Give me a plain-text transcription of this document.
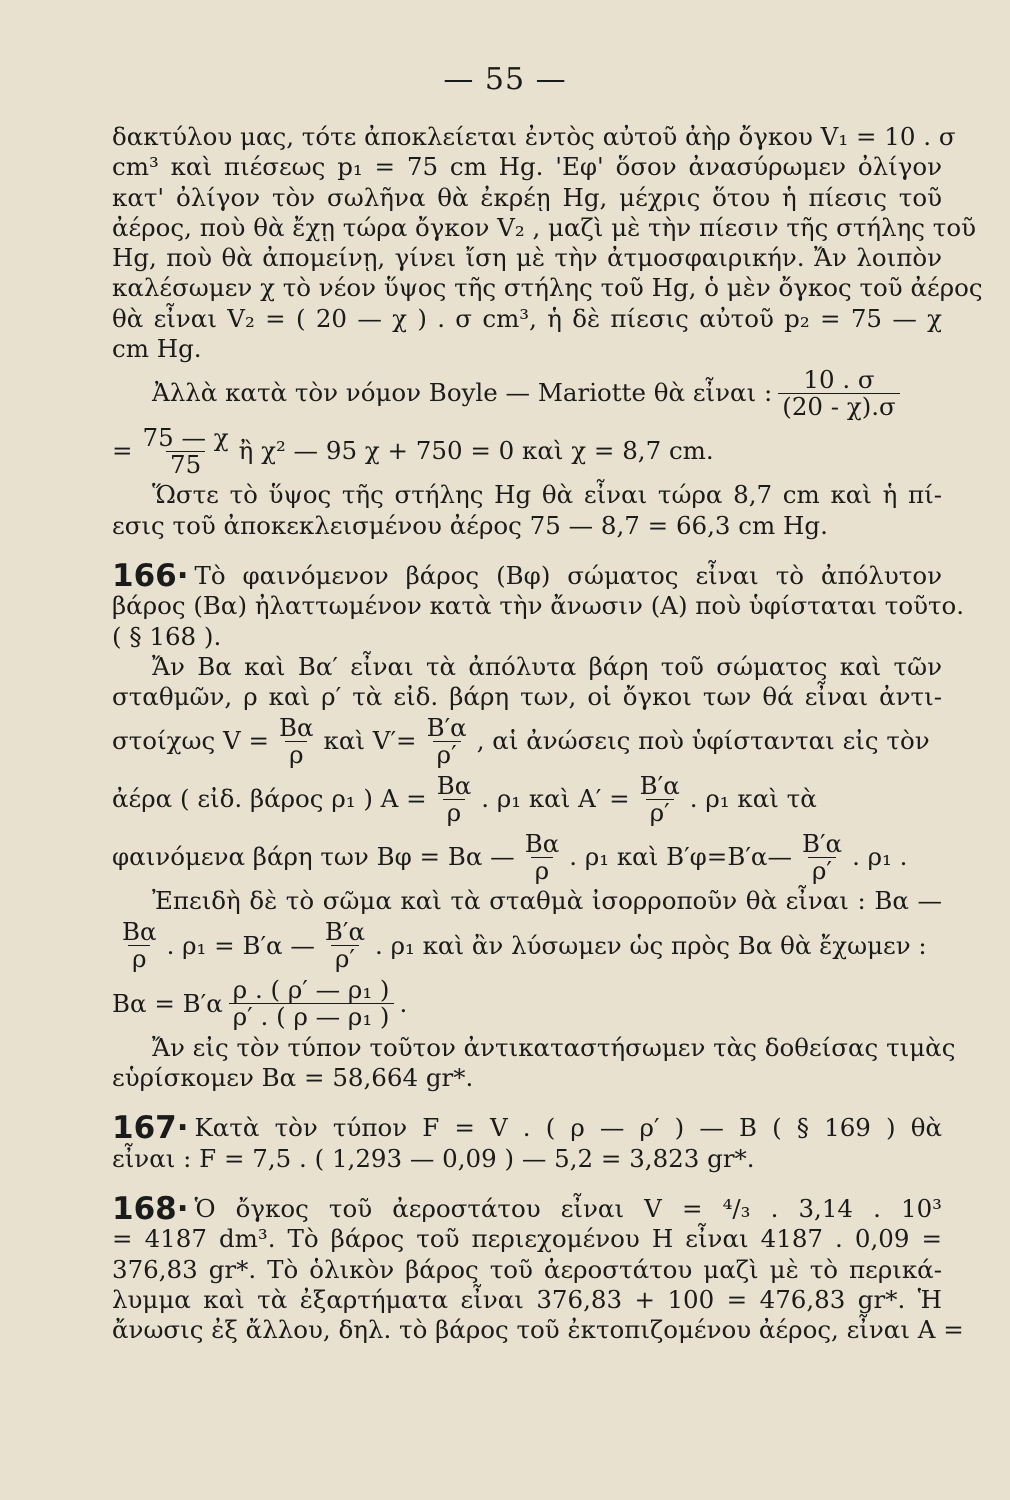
— 55 —
δακτύλου μας, τότε ἀποκλείεται ἐντὸς αὐτοῦ ἀὴρ ὄγκου V₁ = 10 . σ
cm³ καὶ πιέσεως p₁ = 75 cm Hg. 'Εφ' ὅσον ἀνασύρωμεν ὀλίγον
κατ' ὀλίγον τὸν σωλῆνα θὰ ἐκρέῃ Hg, μέχρις ὅτου ἡ πίεσις τοῦ
ἀέρος, ποὺ θὰ ἔχῃ τώρα ὄγκον V₂ , μαζὶ μὲ τὴν πίεσιν τῆς στήλης τοῦ
Hg, ποὺ θὰ ἀπομείνῃ, γίνει ἴση μὲ τὴν ἀτμοσφαιρικήν. Ἄν λοιπὸν
καλέσωμεν χ τὸ νέον ὕψος τῆς στήλης τοῦ Hg, ὁ μὲν ὄγκος τοῦ ἀέρος
θὰ εἶναι V₂ = ( 20 — χ ) . σ cm³, ἡ δὲ πίεσις αὐτοῦ p₂ = 75 — χ
cm Hg.
Ἀλλὰ κατὰ τὸν νόμον Boyle — Mariotte θὰ εἶναι : $\frac{10 . \sigma}{(20 - \chi).\sigma}$
= $\frac{75 — \chi}{75}$ ἢ χ² — 95 χ + 750 = 0 καὶ χ = 8,7 cm.
Ὥστε τὸ ὕψος τῆς στήλης Hg θὰ εἶναι τώρα 8,7 cm καὶ ἡ πί-
εσις τοῦ ἀποκεκλεισμένου ἀέρος 75 — 8,7 = 66,3 cm Hg.
166· Τὸ φαινόμενον βάρος (Βφ) σώματος εἶναι τὸ ἀπόλυτον
βάρος (Βα) ἠλαττωμένον κατὰ τὴν ἄνωσιν (Α) ποὺ ὑφίσταται τοῦτο.
( § 168 ).
Ἄν Βα καὶ Βα′ εἶναι τὰ ἀπόλυτα βάρη τοῦ σώματος καὶ τῶν
σταθμῶν, ρ καὶ ρ′ τὰ εἰδ. βάρη των, οἱ ὄγκοι των θά εἶναι ἀντι-
στοίχως $V = \frac{B\alpha}{\rho}$ καὶ $V'= \frac{B'\alpha}{\rho'}$ , αἱ ἀνώσεις ποὺ ὑφίστανται εἰς τὸν
ἀέρα ( εἰδ. βάρος ρ₁ ) $A = \frac{B\alpha}{\rho}$ . ρ₁ καὶ $A' = \frac{B'\alpha}{\rho'}$ . ρ₁ καὶ τὰ
φαινόμενα βάρη των Βφ = Βα — $\frac{B\alpha}{\rho}$ . ρ₁ καὶ Β′φ=Β′α— $\frac{B'\alpha}{\rho'}$ . ρ₁ .
Ἐπειδὴ δὲ τὸ σῶμα καὶ τὰ σταθμὰ ἰσορροποῦν θὰ εἶναι : Βα —
$\frac{B\alpha}{\rho}$ . ρ₁ = Β′α — $\frac{B'\alpha}{\rho'}$ . ρ₁ καὶ ἂν λύσωμεν ὡς πρὸς Βα θὰ ἔχωμεν :
$B\alpha = B'\alpha \frac{\text{ρ . ( ρ′ — ρ₁ )}}{\text{ρ′ . ( ρ — ρ₁ )}}$ .
Ἄν εἰς τὸν τύπον τοῦτον ἀντικαταστήσωμεν τὰς δοθείσας τιμὰς
εὑρίσκομεν Βα = 58,664 gr*.
167· Κατὰ τὸν τύπον F = V . ( ρ — ρ′ ) — Β ( § 169 ) θὰ
εἶναι : F = 7,5 . ( 1,293 — 0,09 ) — 5,2 = 3,823 gr*.
168· Ὁ ὄγκος τοῦ ἀεροστάτου εἶναι V = ⁴/₃ . 3,14 . 10³
= 4187 dm³. Τὸ βάρος τοῦ περιεχομένου Η εἶναι 4187 . 0,09 =
376,83 gr*. Τὸ ὁλικὸν βάρος τοῦ ἀεροστάτου μαζὶ μὲ τὸ περικά-
λυμμα καὶ τὰ ἐξαρτήματα εἶναι 376,83 + 100 = 476,83 gr*. Ἡ
ἄνωσις ἐξ ἄλλου, δηλ. τὸ βάρος τοῦ ἐκτοπιζομένου ἀέρος, εἶναι Α =
